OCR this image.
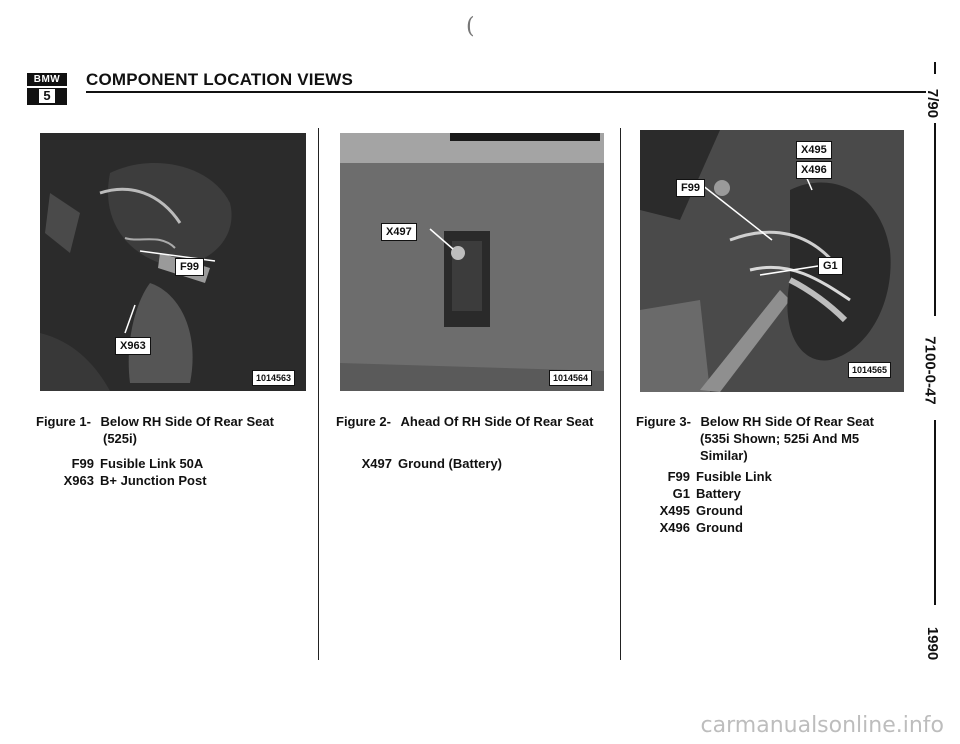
(
BMW
5
COMPONENT LOCATION VIEWS
F99
X963
1014563
X497
1014564
X495
X496
F99
G1
1014565
Figure 1- Below RH Side Of Rear Seat
(525i)
F99 Fusible Link 50A
X963 B+ Junction Post
Figure 2- Ahead Of RH Side Of Rear Seat
X497 Ground (Battery)
Figure 3- Below RH Side Of Rear Seat
(535i Shown; 525i And M5
Similar)
F99 Fusible Link
G1 Battery
X495 Ground
X496 Ground
7/90
7100-0-47
1990
carmanualsonline.info
